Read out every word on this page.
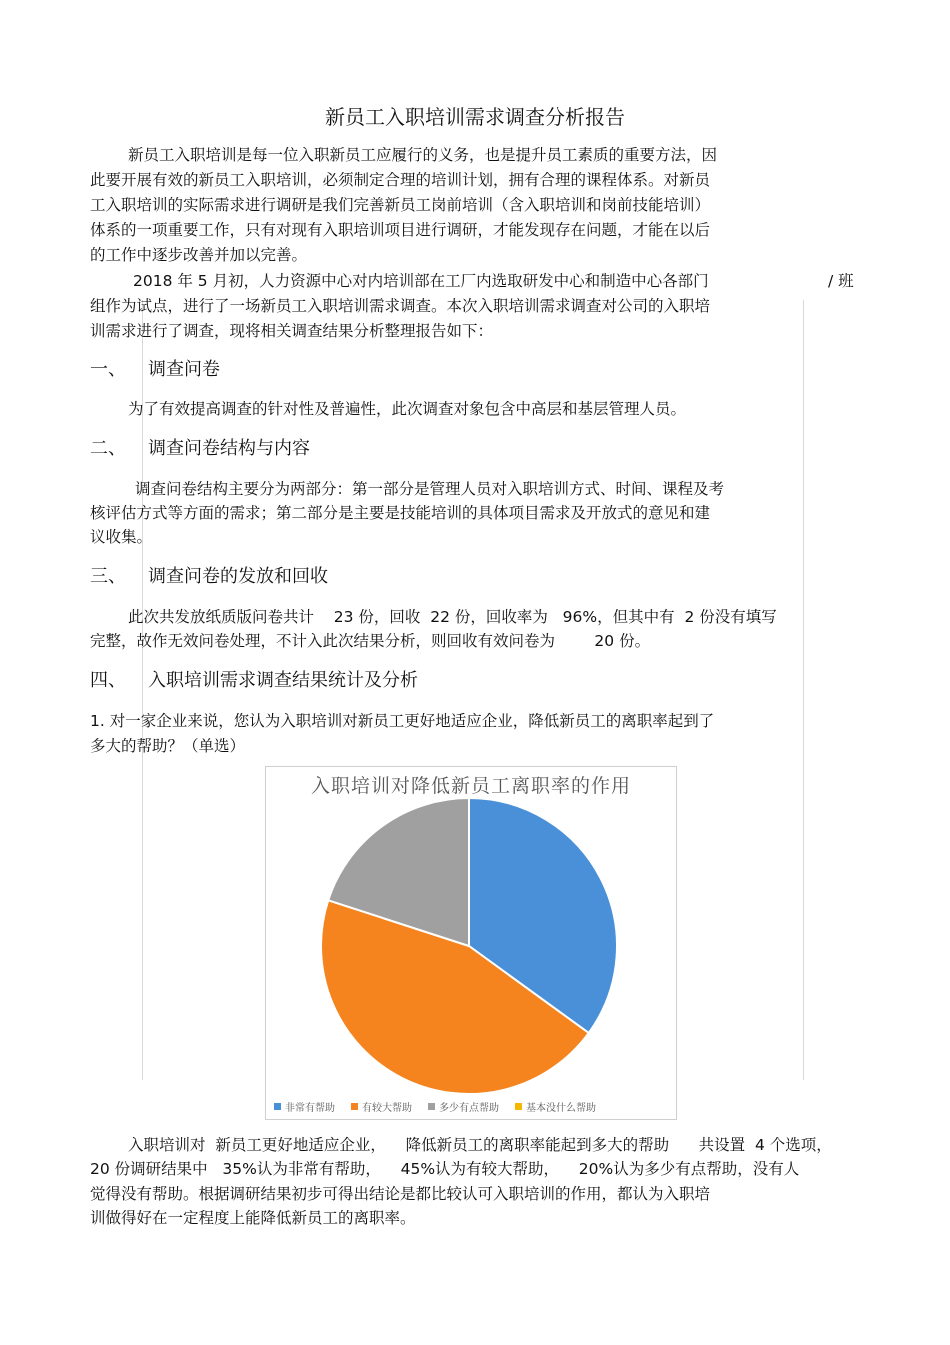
新员工入职培训需求调查分析报告
新员工入职培训是每一位入职新员工应履行的义务，也是提升员工素质的重要方法，因
此要开展有效的新员工入职培训，必须制定合理的培训计划，拥有合理的课程体系。对新员
工入职培训的实际需求进行调研是我们完善新员工岗前培训（含入职培训和岗前技能培训）
体系的一项重要工作，只有对现有入职培训项目进行调研，才能发现存在问题，才能在以后
的工作中逐步改善并加以完善。
2018 年 5 月初，人力资源中心对内培训部在工厂内选取研发中心和制造中心各部门	/ 班
组作为试点，进行了一场新员工入职培训需求调查。本次入职培训需求调查对公司的入职培
训需求进行了调查，现将相关调查结果分析整理报告如下：
一、 调查问卷
为了有效提高调查的针对性及普遍性，此次调查对象包含中高层和基层管理人员。
二、 调查问卷结构与内容
调查问卷结构主要分为两部分：第一部分是管理人员对入职培训方式、时间、课程及考
核评估方式等方面的需求；第二部分是主要是技能培训的具体项目需求及开放式的意见和建
议收集。
三、 调查问卷的发放和回收
此次共发放纸质版问卷共计    23 份，回收  22 份，回收率为   96%，但其中有  2 份没有填写
完整，故作无效问卷处理，不计入此次结果分析，则回收有效问卷为        20 份。
四、 入职培训需求调查结果统计及分析
1. 对一家企业来说，您认为入职培训对新员工更好地适应企业，降低新员工的离职率起到了
多大的帮助？（单选）
入职培训对降低新员工离职率的作用
非常有帮助	有较大帮助	多少有点帮助	基本没什么帮助
入职培训对  新员工更好地适应企业，    降低新员工的离职率能起到多大的帮助      共设置  4 个选项，
20 份调研结果中   35%认为非常有帮助，    45%认为有较大帮助，    20%认为多少有点帮助，没有人
觉得没有帮助。根据调研结果初步可得出结论是都比较认可入职培训的作用，都认为入职培
训做得好在一定程度上能降低新员工的离职率。
